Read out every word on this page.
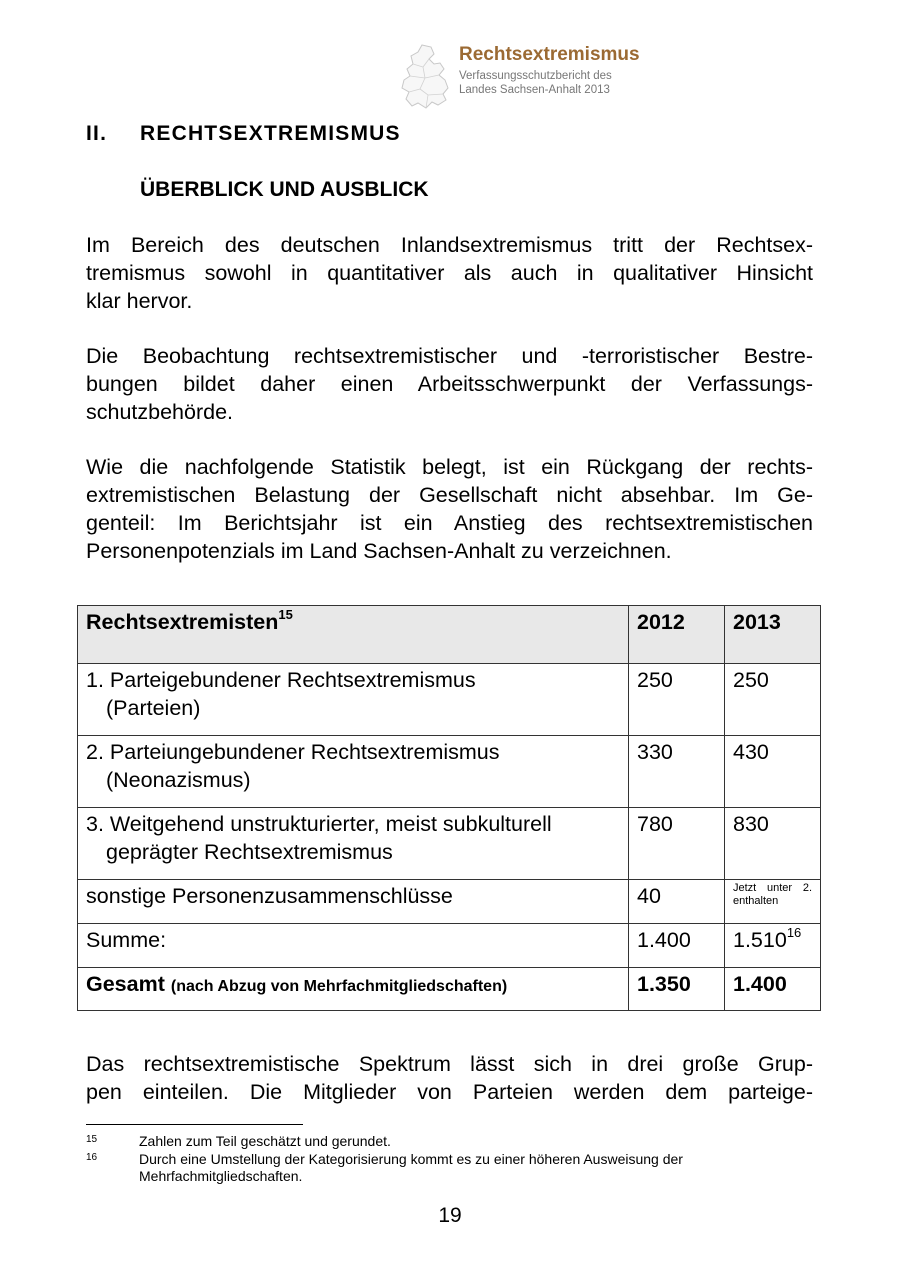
Rechtsextremismus
Verfassungsschutzbericht des
Landes Sachsen-Anhalt 2013
II. RECHTSEXTREMISMUS
ÜBERBLICK UND AUSBLICK
Im Bereich des deutschen Inlandsextremismus tritt der Rechtsex-
tremismus sowohl in quantitativer als auch in qualitativer Hinsicht
klar hervor.
Die Beobachtung rechtsextremistischer und -terroristischer Bestre-
bungen bildet daher einen Arbeitsschwerpunkt der Verfassungs-
schutzbehörde.
Wie die nachfolgende Statistik belegt, ist ein Rückgang der rechts-
extremistischen Belastung der Gesellschaft nicht absehbar. Im Ge-
genteil: Im Berichtsjahr ist ein Anstieg des rechtsextremistischen
Personenpotenzials im Land Sachsen-Anhalt zu verzeichnen.
Rechtsextremisten$^{15}$	2012	2013
1. Parteigebundener Rechtsextremismus
(Parteien)	250	250
2. Parteiungebundener Rechtsextremismus
(Neonazismus)	330	430
3. Weitgehend unstrukturierter, meist subkulturell
geprägter Rechtsextremismus	780	830
sonstige Personenzusammenschlüsse	40	Jetzt unter 2. enthalten

Summe:	1.400	1.510$^{16}$
Gesamt (nach Abzug von Mehrfachmitgliedschaften)	1.350	1.400
Das rechtsextremistische Spektrum lässt sich in drei große Grup-
pen einteilen. Die Mitglieder von Parteien werden dem parteige-
15	Zahlen zum Teil geschätzt und gerundet.
16	Durch eine Umstellung der Kategorisierung kommt es zu einer höheren Ausweisung der
Mehrfachmitgliedschaften.
19
